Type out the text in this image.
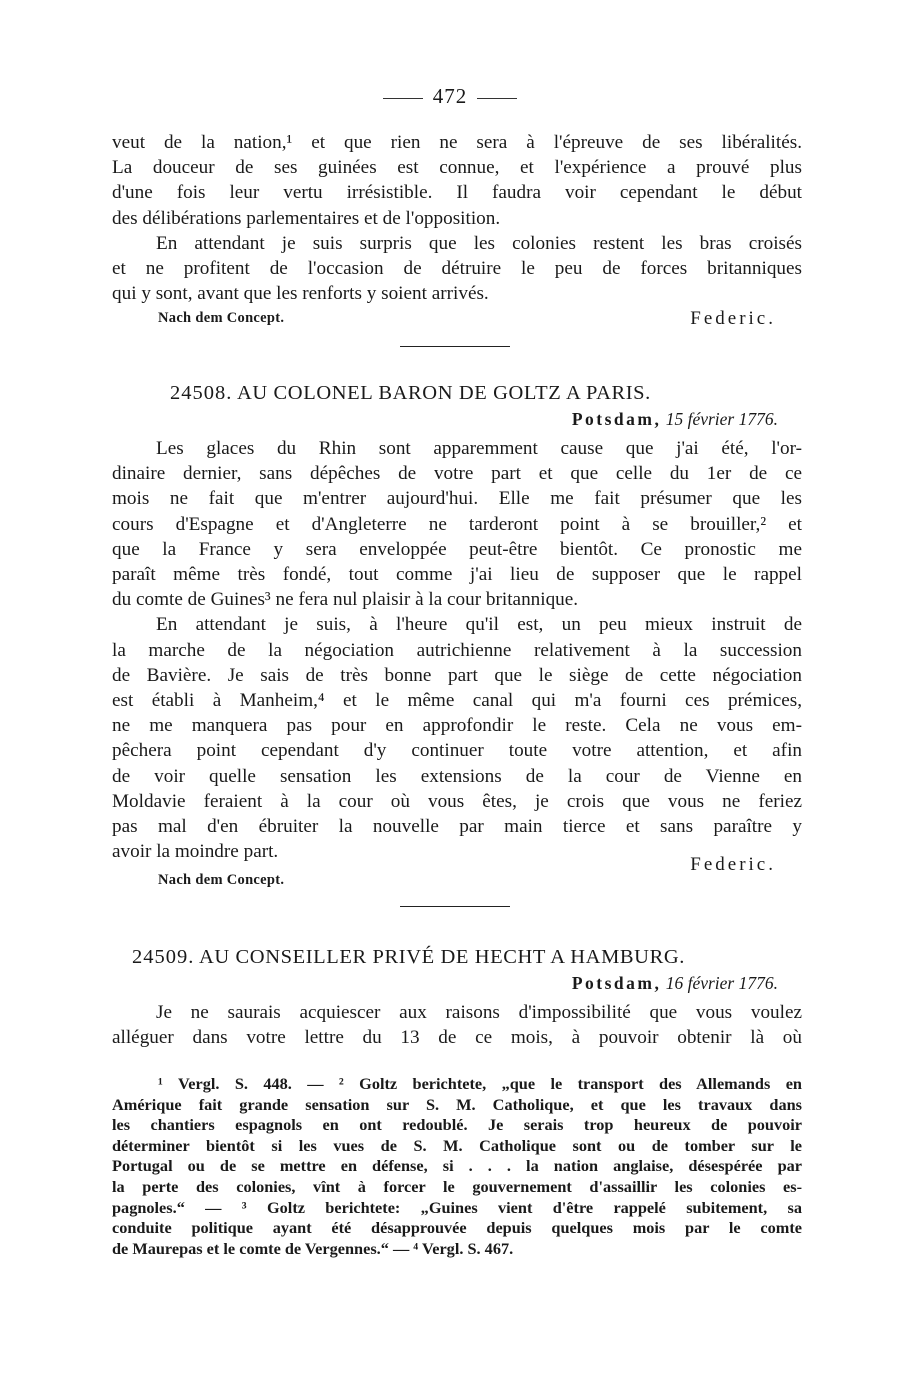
472

veut de la nation,¹ et que rien ne sera à l'épreuve de ses libéralités.
La douceur de ses guinées est connue, et l'expérience a prouvé plus
d'une fois leur vertu irrésistible. Il faudra voir cependant le début
des délibérations parlementaires et de l'opposition.

En attendant je suis surpris que les colonies restent les bras croisés
et ne profitent de l'occasion de détruire le peu de forces britanniques
qui y sont, avant que les renforts y soient arrivés.

Nach dem Concept.	Federic.
24508. AU COLONEL BARON DE GOLTZ A PARIS.
Potsdam, 15 février 1776.

Les glaces du Rhin sont apparemment cause que j'ai été, l'or-
dinaire dernier, sans dépêches de votre part et que celle du 1er de ce
mois ne fait que m'entrer aujourd'hui. Elle me fait présumer que les
cours d'Espagne et d'Angleterre ne tarderont point à se brouiller,² et
que la France y sera enveloppée peut-être bientôt. Ce pronostic me
paraît même très fondé, tout comme j'ai lieu de supposer que le rappel
du comte de Guines³ ne fera nul plaisir à la cour britannique.

En attendant je suis, à l'heure qu'il est, un peu mieux instruit de
la marche de la négociation autrichienne relativement à la succession
de Bavière. Je sais de très bonne part que le siège de cette négociation
est établi à Manheim,⁴ et le même canal qui m'a fourni ces prémices,
ne me manquera pas pour en approfondir le reste. Cela ne vous em-
pêchera point cependant d'y continuer toute votre attention, et afin
de voir quelle sensation les extensions de la cour de Vienne en
Moldavie feraient à la cour où vous êtes, je crois que vous ne feriez
pas mal d'en ébruiter la nouvelle par main tierce et sans paraître y
avoir la moindre part.

Nach dem Concept.
Federic.
24509. AU CONSEILLER PRIVÉ DE HECHT A HAMBURG.
Potsdam, 16 février 1776.

Je ne saurais acquiescer aux raisons d'impossibilité que vous voulez
alléguer dans votre lettre du 13 de ce mois, à pouvoir obtenir là où

¹ Vergl. S. 448. — ² Goltz berichtete, „que le transport des Allemands en
Amérique fait grande sensation sur S. M. Catholique, et que les travaux dans
les chantiers espagnols en ont redoublé. Je serais trop heureux de pouvoir
déterminer bientôt si les vues de S. M. Catholique sont ou de tomber sur le
Portugal ou de se mettre en défense, si . . . la nation anglaise, désespérée par
la perte des colonies, vînt à forcer le gouvernement d'assaillir les colonies es-
pagnoles.“ — ³ Goltz berichtete: „Guines vient d'être rappelé subitement, sa
conduite politique ayant été désapprouvée depuis quelques mois par le comte
de Maurepas et le comte de Vergennes.“ — ⁴ Vergl. S. 467.
